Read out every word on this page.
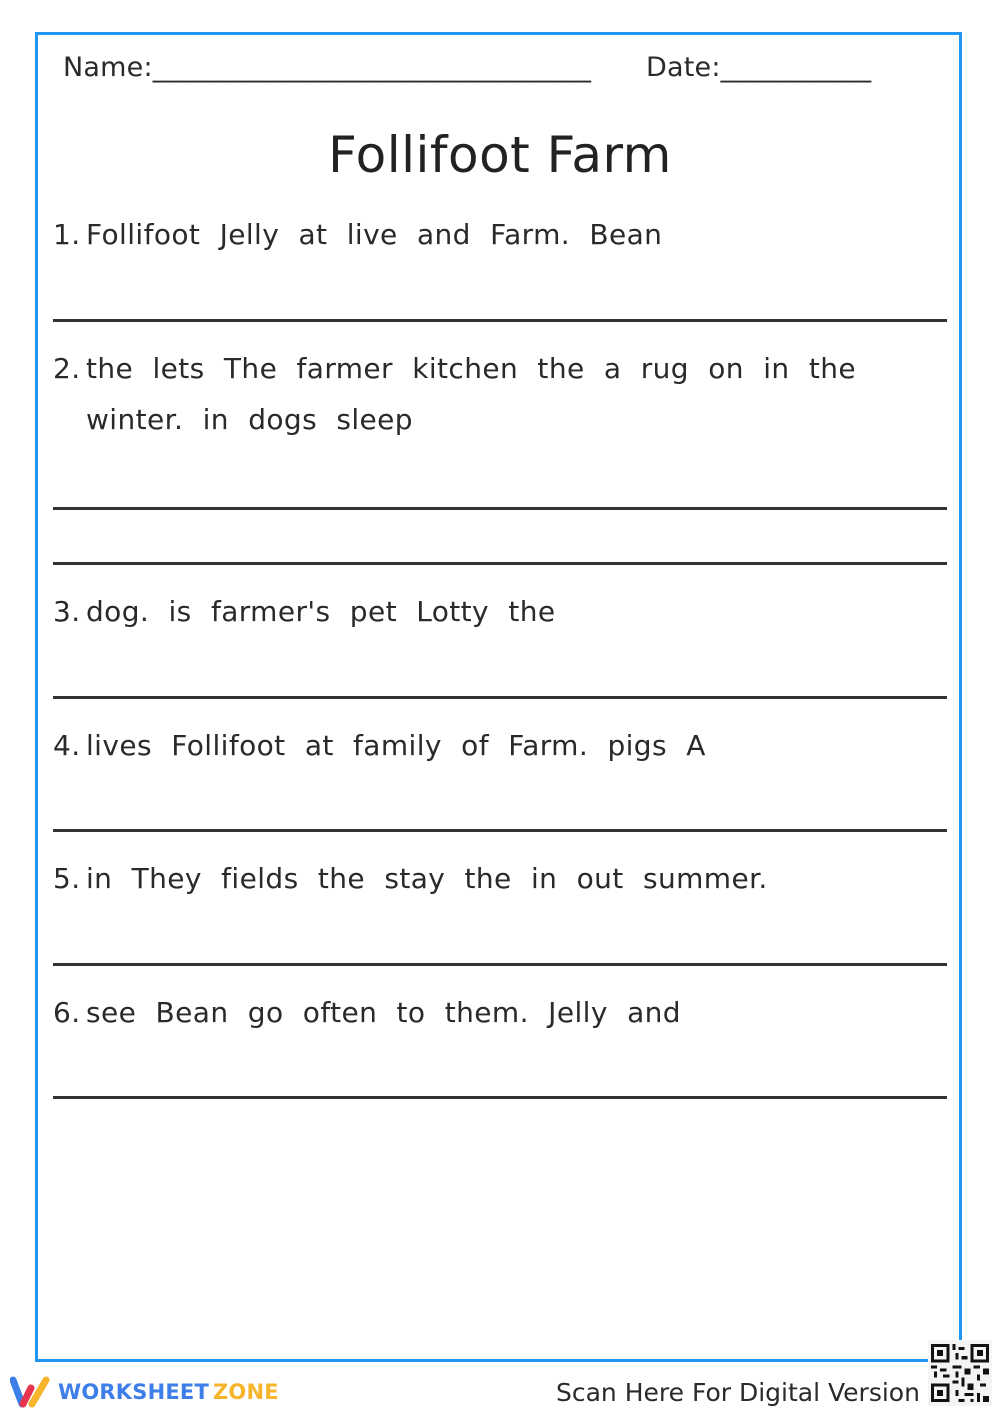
Name:________________________________ Date:___________
Follifoot Farm
1. Follifoot Jelly at live and Farm. Bean
2. the lets The farmer kitchen the a rug on in the
winter. in dogs sleep
3. dog. is farmer's pet Lotty the
4. lives Follifoot at family of Farm. pigs A
5. in They fields the stay the in out summer.
6. see Bean go often to them. Jelly and
WORKSHEET ZONE	Scan Here For Digital Version
